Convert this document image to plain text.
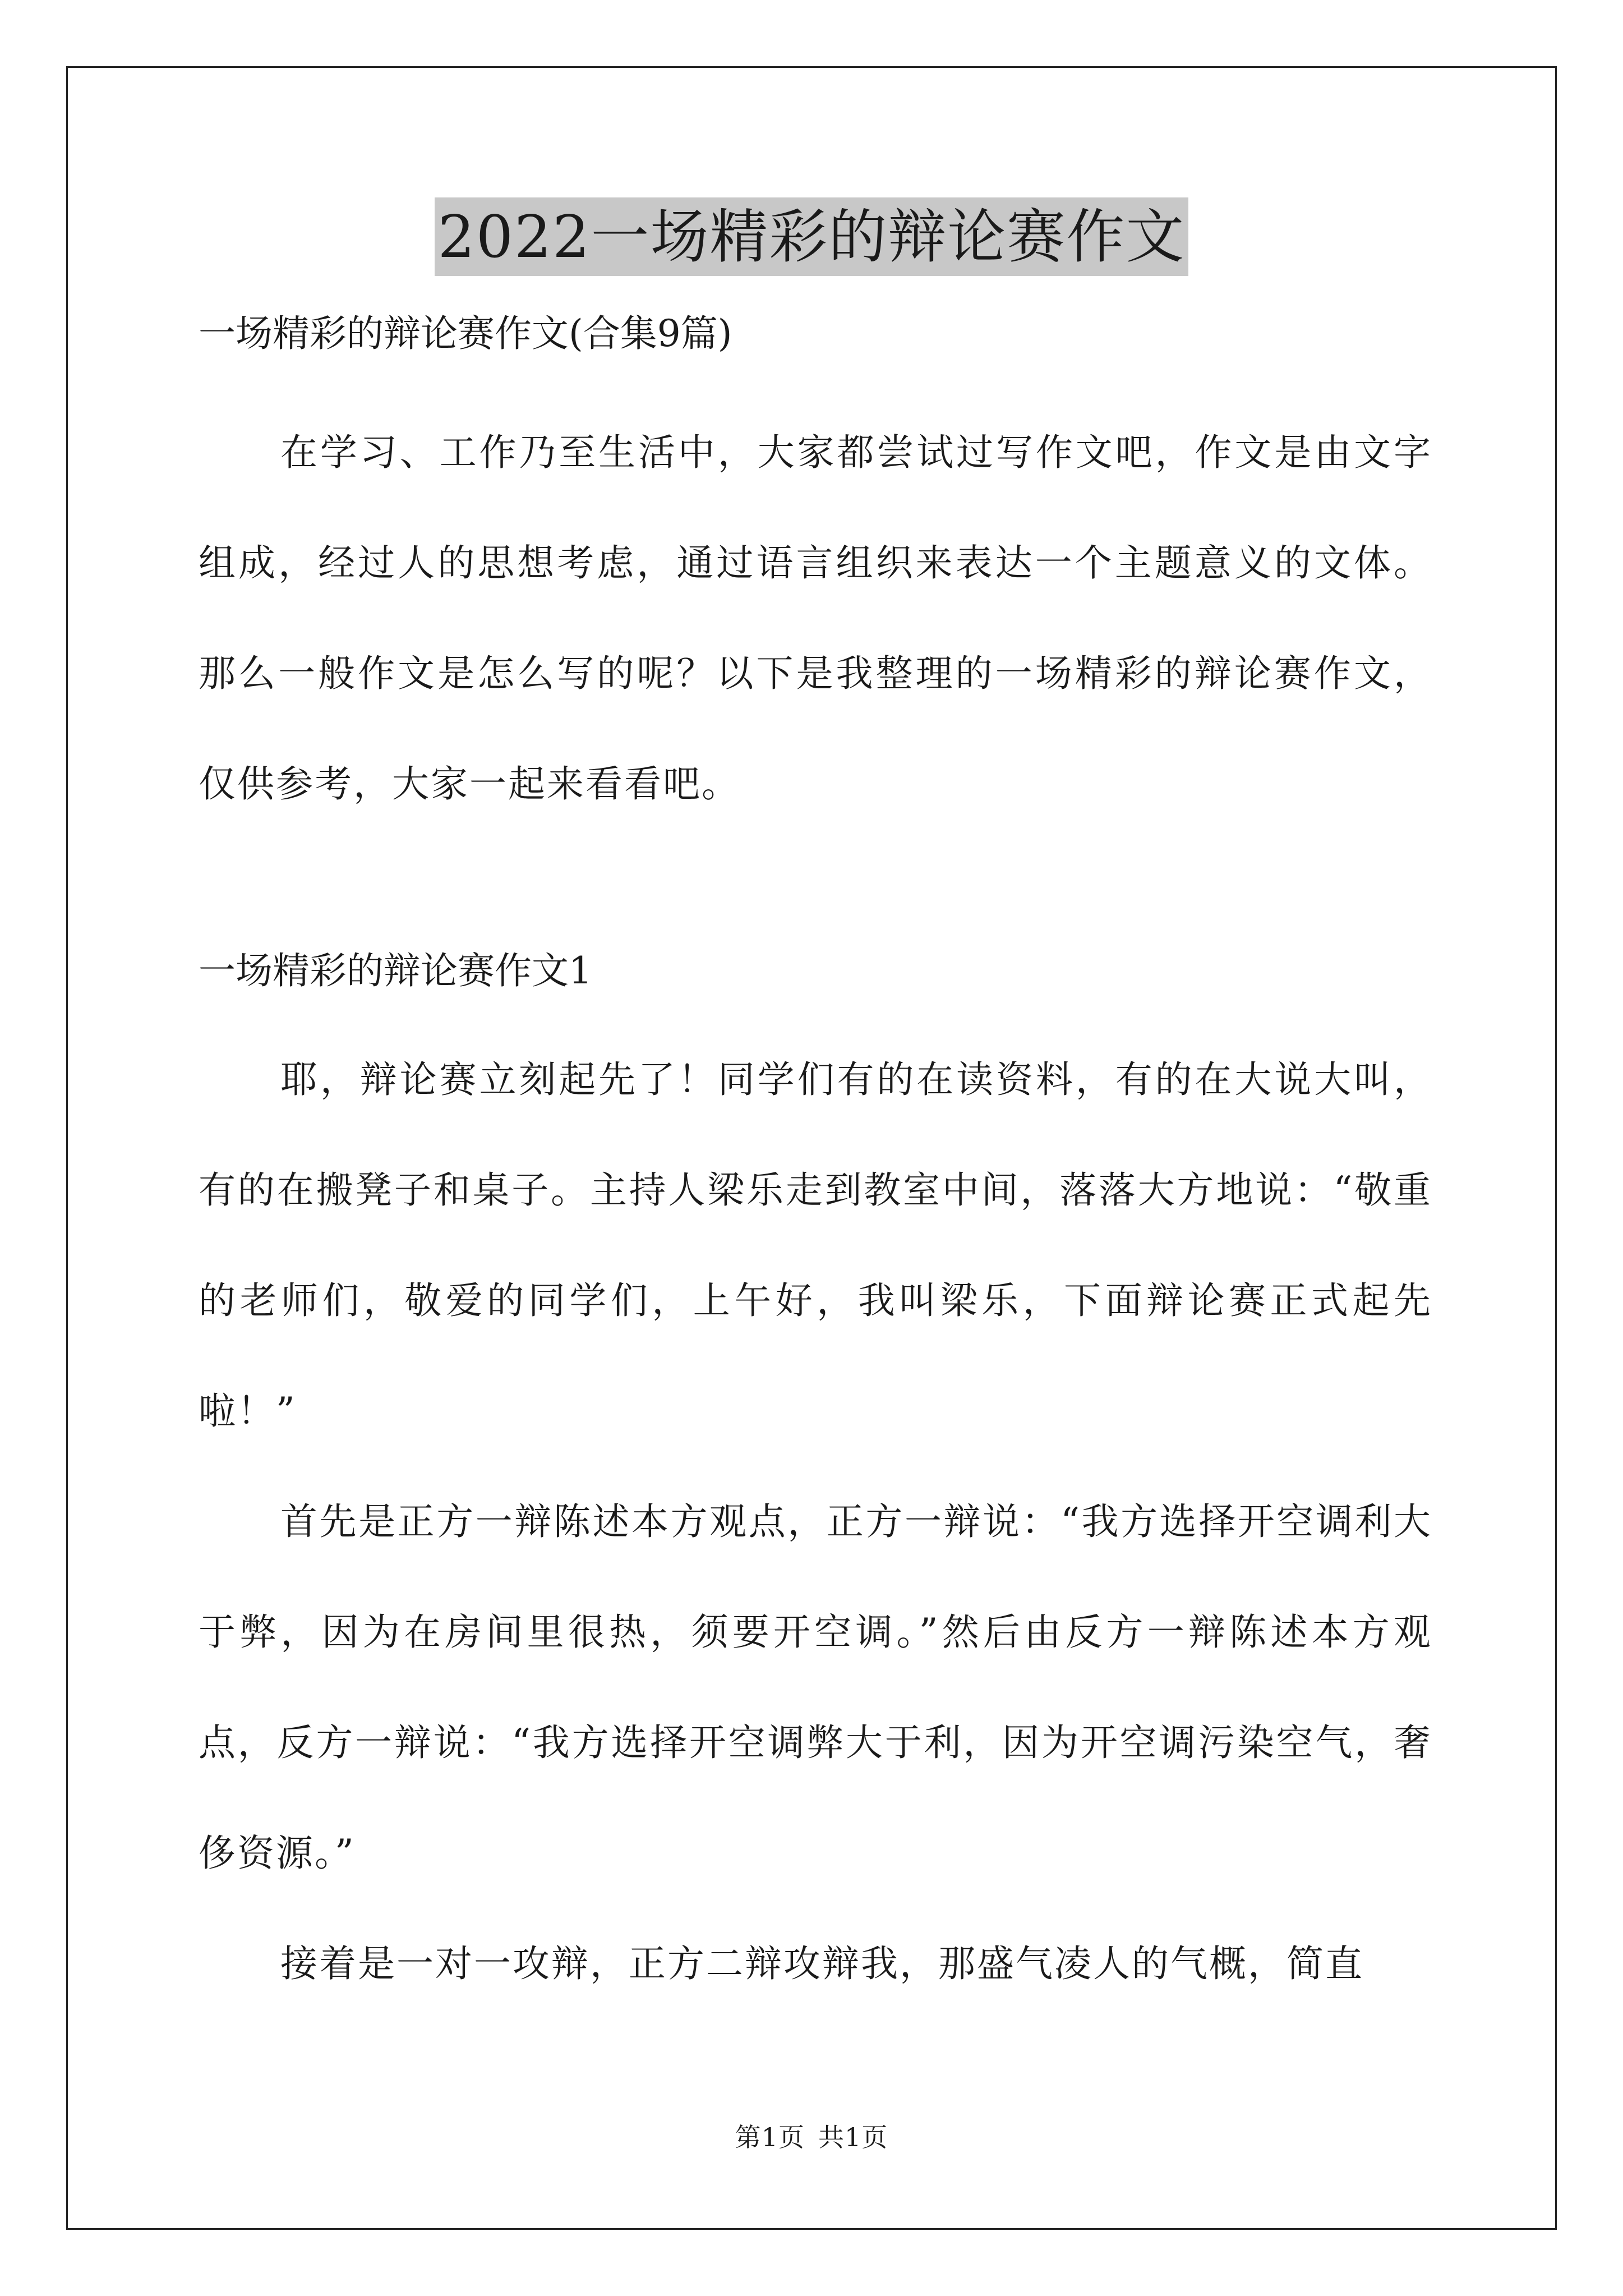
2022一场精彩的辩论赛作文

一场精彩的辩论赛作文(合集9篇)

在学习、工作乃至生活中，大家都尝试过写作文吧，作文是由文字组成，经过人的思想考虑，通过语言组织来表达一个主题意义的文体。那么一般作文是怎么写的呢？以下是我整理的一场精彩的辩论赛作文，仅供参考，大家一起来看看吧。

一场精彩的辩论赛作文1

耶，辩论赛立刻起先了！同学们有的在读资料，有的在大说大叫，有的在搬凳子和桌子。主持人梁乐走到教室中间，落落大方地说：“敬重的老师们，敬爱的同学们，上午好，我叫梁乐，下面辩论赛正式起先啦！”

首先是正方一辩陈述本方观点，正方一辩说：“我方选择开空调利大于弊，因为在房间里很热，须要开空调。”然后由反方一辩陈述本方观点，反方一辩说：“我方选择开空调弊大于利，因为开空调污染空气，奢侈资源。”

接着是一对一攻辩，正方二辩攻辩我，那盛气凌人的气概，简直

第1页 共1页
